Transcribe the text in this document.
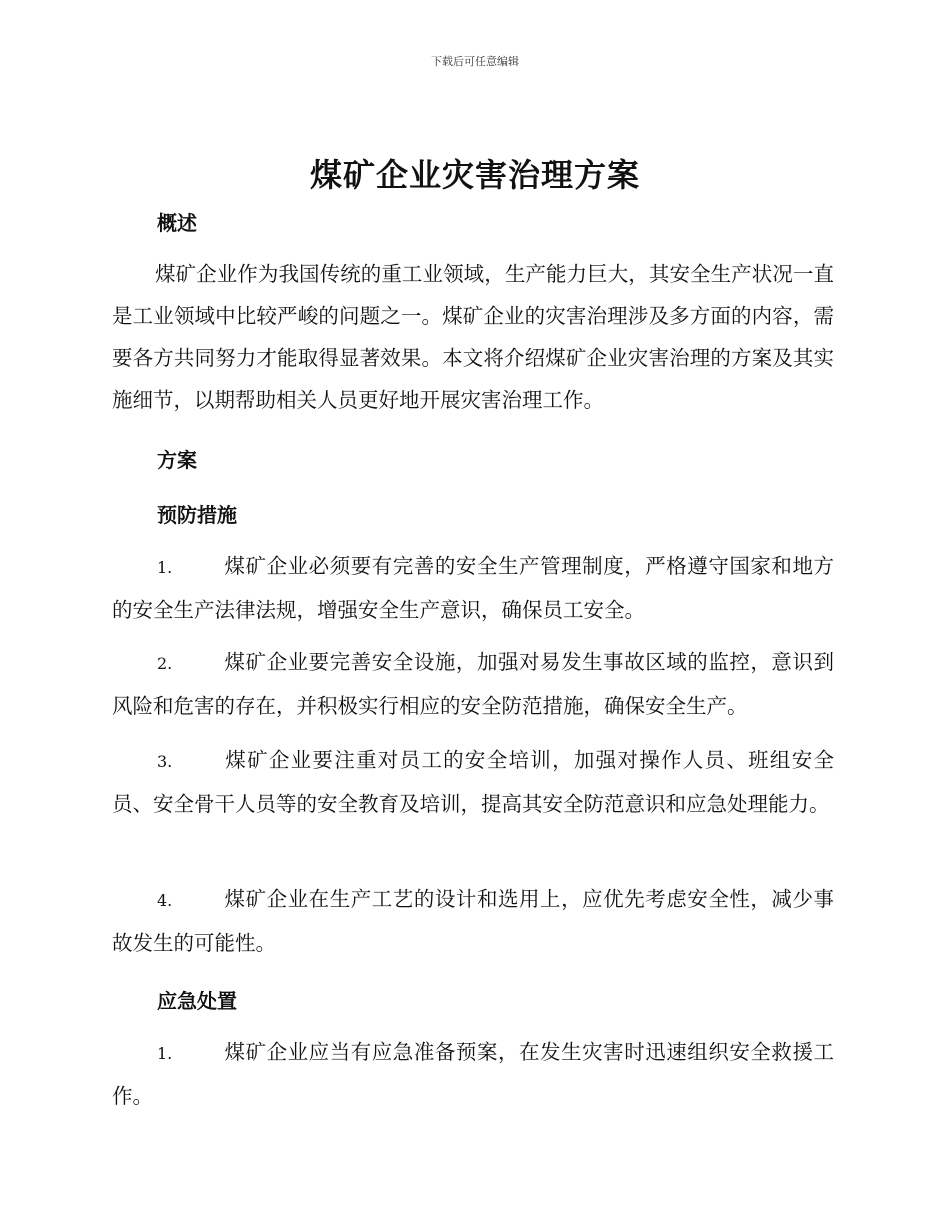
下载后可任意编辑
煤矿企业灾害治理方案
概述
煤矿企业作为我国传统的重工业领域，生产能力巨大，其安全生产状况一直是工业领域中比较严峻的问题之一。煤矿企业的灾害治理涉及多方面的内容，需要各方共同努力才能取得显著效果。本文将介绍煤矿企业灾害治理的方案及其实施细节，以期帮助相关人员更好地开展灾害治理工作。
方案
预防措施
1.	煤矿企业必须要有完善的安全生产管理制度，严格遵守国家和地方的安全生产法律法规，增强安全生产意识，确保员工安全。
2.	煤矿企业要完善安全设施，加强对易发生事故区域的监控，意识到风险和危害的存在，并积极实行相应的安全防范措施，确保安全生产。
3.	煤矿企业要注重对员工的安全培训，加强对操作人员、班组安全员、安全骨干人员等的安全教育及培训，提高其安全防范意识和应急处理能力。
4.	煤矿企业在生产工艺的设计和选用上，应优先考虑安全性，减少事故发生的可能性。
应急处置
1.	煤矿企业应当有应急准备预案，在发生灾害时迅速组织安全救援工作。
